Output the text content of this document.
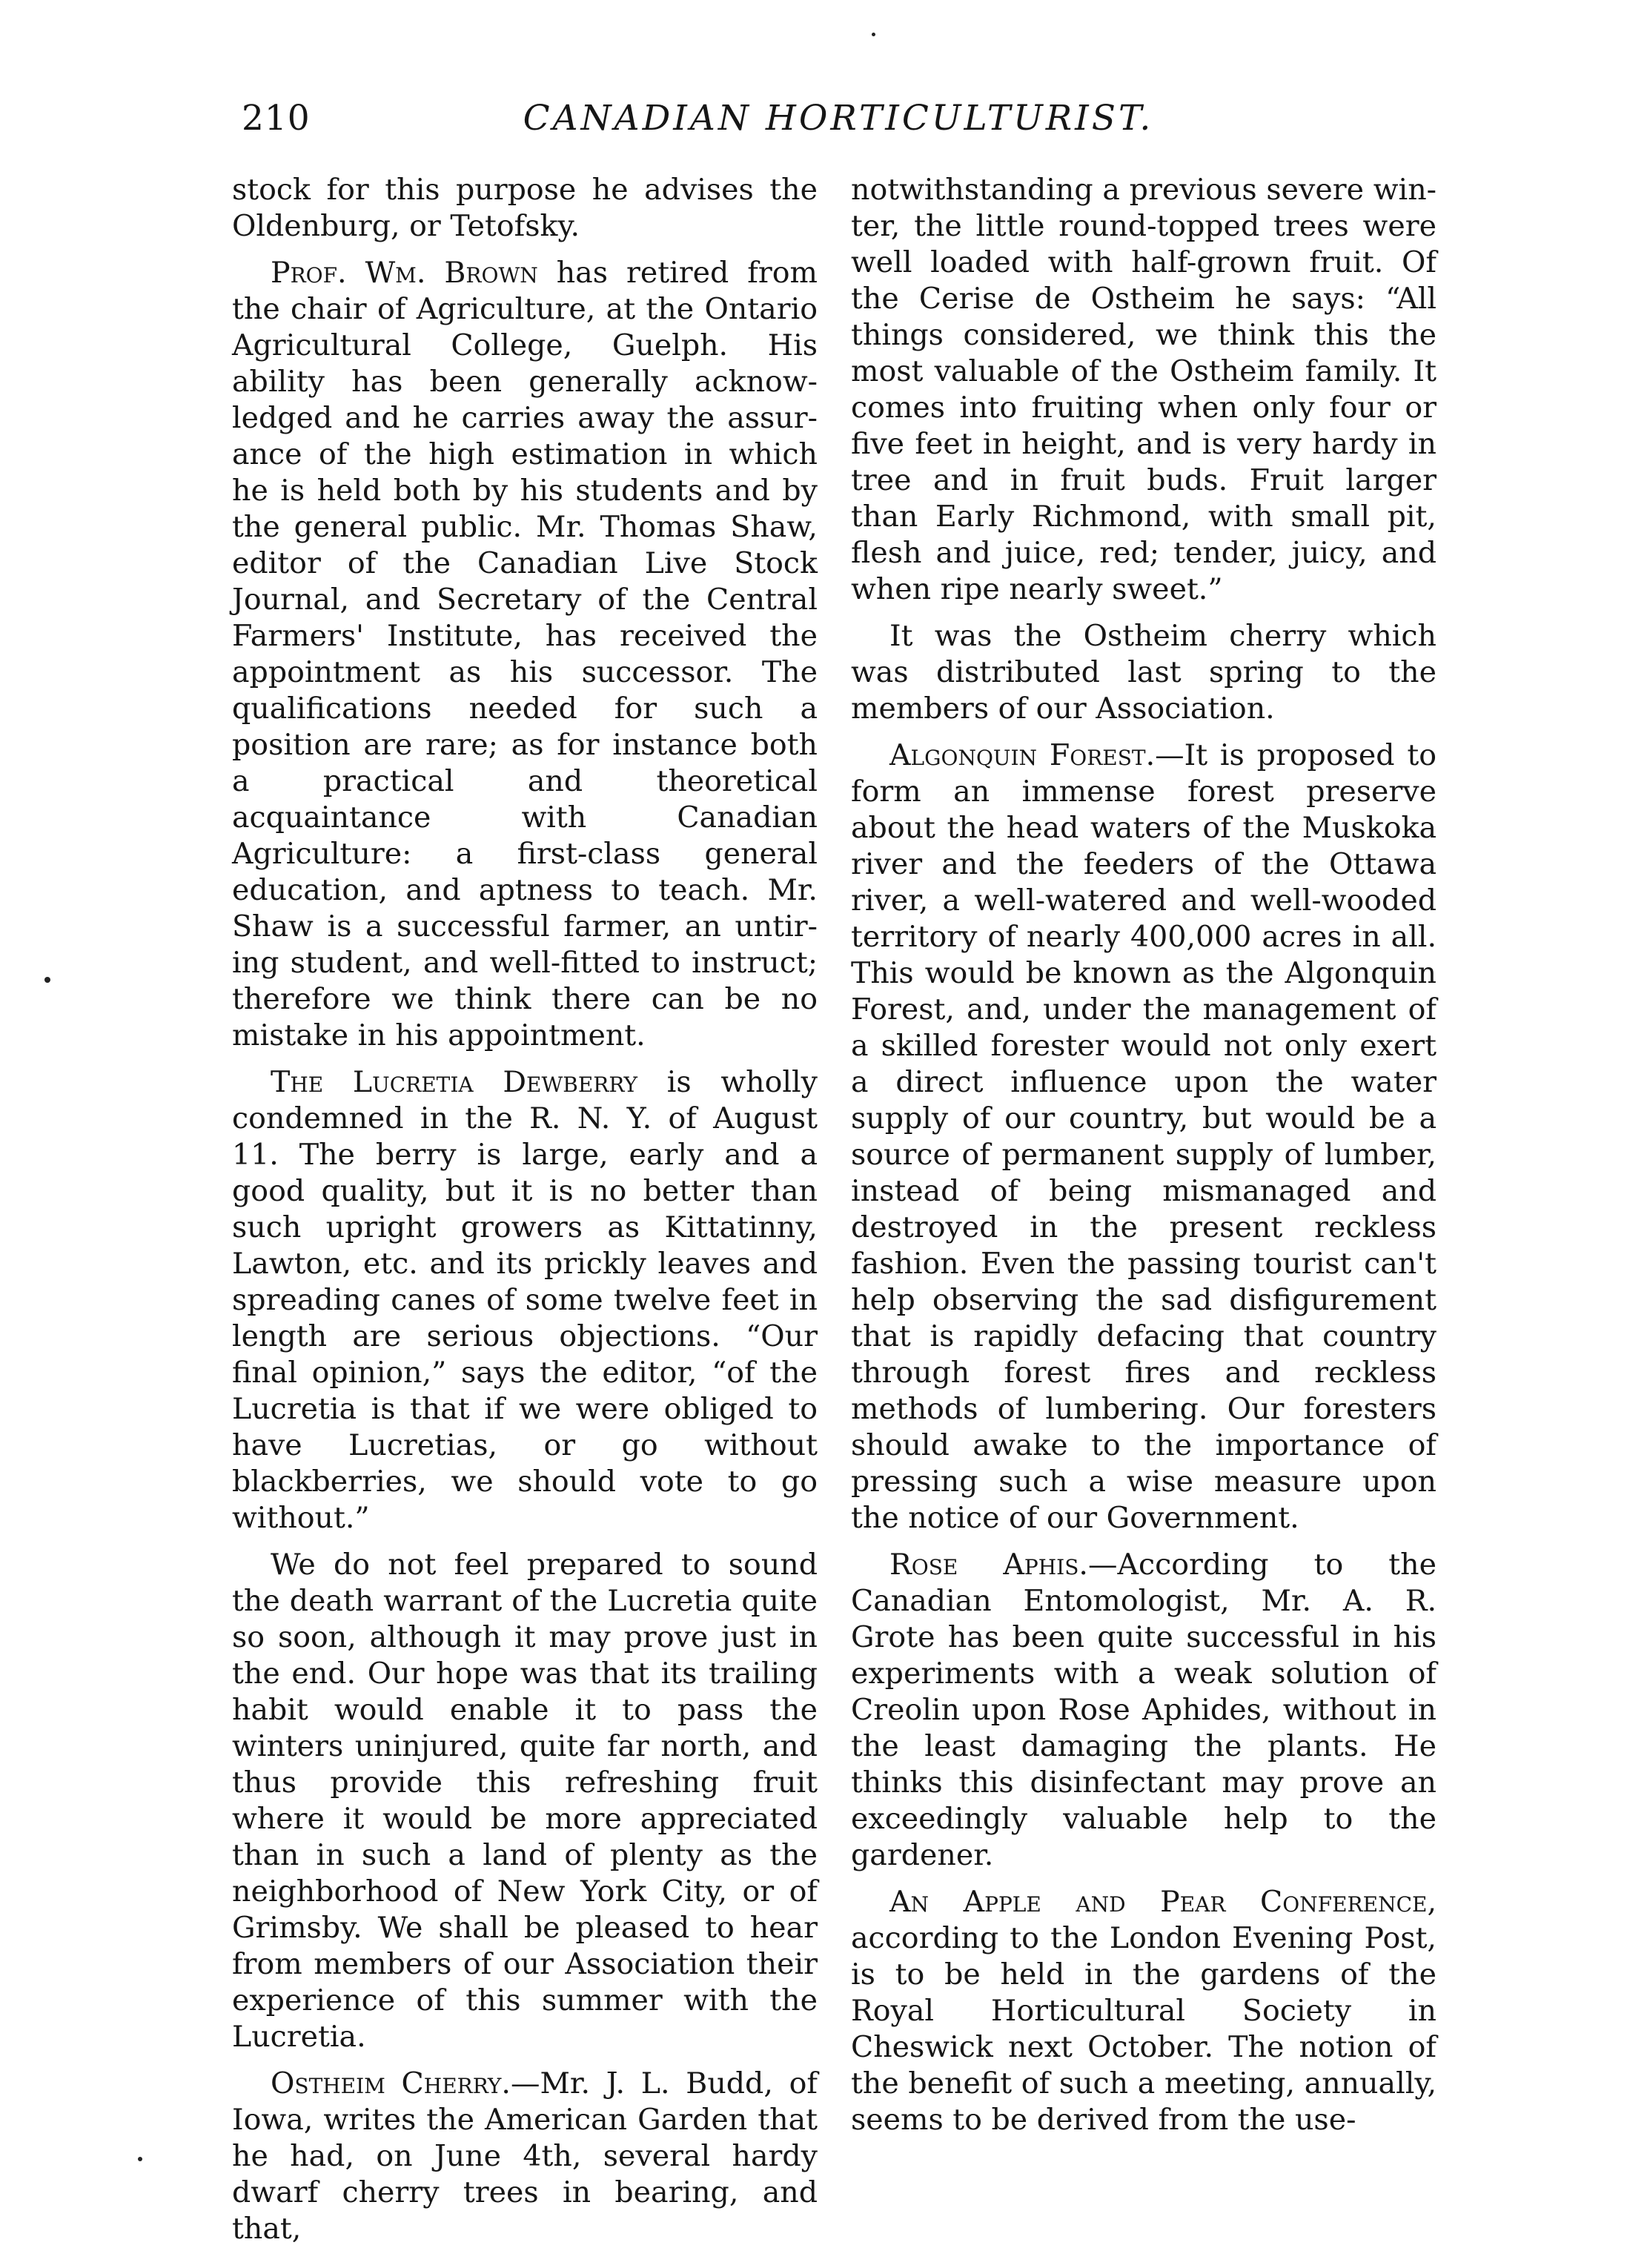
210	CANADIAN HORTICULTURIST.

stock for this purpose he advises the Oldenburg, or Tetofsky.

Prof. Wm. Brown has retired from the chair of Agriculture, at the Ontario Agricultural College, Guelph. His ability has been generally acknowledged and he carries away the assurance of the high estimation in which he is held both by his students and by the general public. Mr. Thomas Shaw, editor of the Canadian Live Stock Journal, and Secretary of the Central Farmers' Institute, has received the appointment as his successor. The qualifications needed for such a position are rare; as for instance both a practical and theoretical acquaintance with Canadian Agriculture: a first-class general education, and aptness to teach. Mr. Shaw is a successful farmer, an untiring student, and well-fitted to instruct; therefore we think there can be no mistake in his appointment.

The Lucretia Dewberry is wholly condemned in the R. N. Y. of August 11. The berry is large, early and a good quality, but it is no better than such upright growers as Kittatinny, Lawton, etc. and its prickly leaves and spreading canes of some twelve feet in length are serious objections. “Our final opinion,” says the editor, “of the Lucretia is that if we were obliged to have Lucretias, or go without blackberries, we should vote to go without.”

We do not feel prepared to sound the death warrant of the Lucretia quite so soon, although it may prove just in the end. Our hope was that its trailing habit would enable it to pass the winters uninjured, quite far north, and thus provide this refreshing fruit where it would be more appreciated than in such a land of plenty as the neighborhood of New York City, or of Grimsby. We shall be pleased to hear from members of our Association their experience of this summer with the Lucretia.

Ostheim Cherry.—Mr. J. L. Budd, of Iowa, writes the American Garden that he had, on June 4th, several hardy dwarf cherry trees in bearing, and that,

notwithstanding a previous severe winter, the little round-topped trees were well loaded with half-grown fruit. Of the Cerise de Ostheim he says: “All things considered, we think this the most valuable of the Ostheim family. It comes into fruiting when only four or five feet in height, and is very hardy in tree and in fruit buds. Fruit larger than Early Richmond, with small pit, flesh and juice, red; tender, juicy, and when ripe nearly sweet.”

It was the Ostheim cherry which was distributed last spring to the members of our Association.

Algonquin Forest.—It is proposed to form an immense forest preserve about the head waters of the Muskoka river and the feeders of the Ottawa river, a well-watered and well-wooded territory of nearly 400,000 acres in all. This would be known as the Algonquin Forest, and, under the management of a skilled forester would not only exert a direct influence upon the water supply of our country, but would be a source of permanent supply of lumber, instead of being mismanaged and destroyed in the present reckless fashion. Even the passing tourist can't help observing the sad disfigurement that is rapidly defacing that country through forest fires and reckless methods of lumbering. Our foresters should awake to the importance of pressing such a wise measure upon the notice of our Government.

Rose Aphis.—According to the Canadian Entomologist, Mr. A. R. Grote has been quite successful in his experiments with a weak solution of Creolin upon Rose Aphides, without in the least damaging the plants. He thinks this disinfectant may prove an exceedingly valuable help to the gardener.

An Apple and Pear Conference, according to the London Evening Post, is to be held in the gardens of the Royal Horticultural Society in Cheswick next October. The notion of the benefit of such a meeting, annually, seems to be derived from the use-
